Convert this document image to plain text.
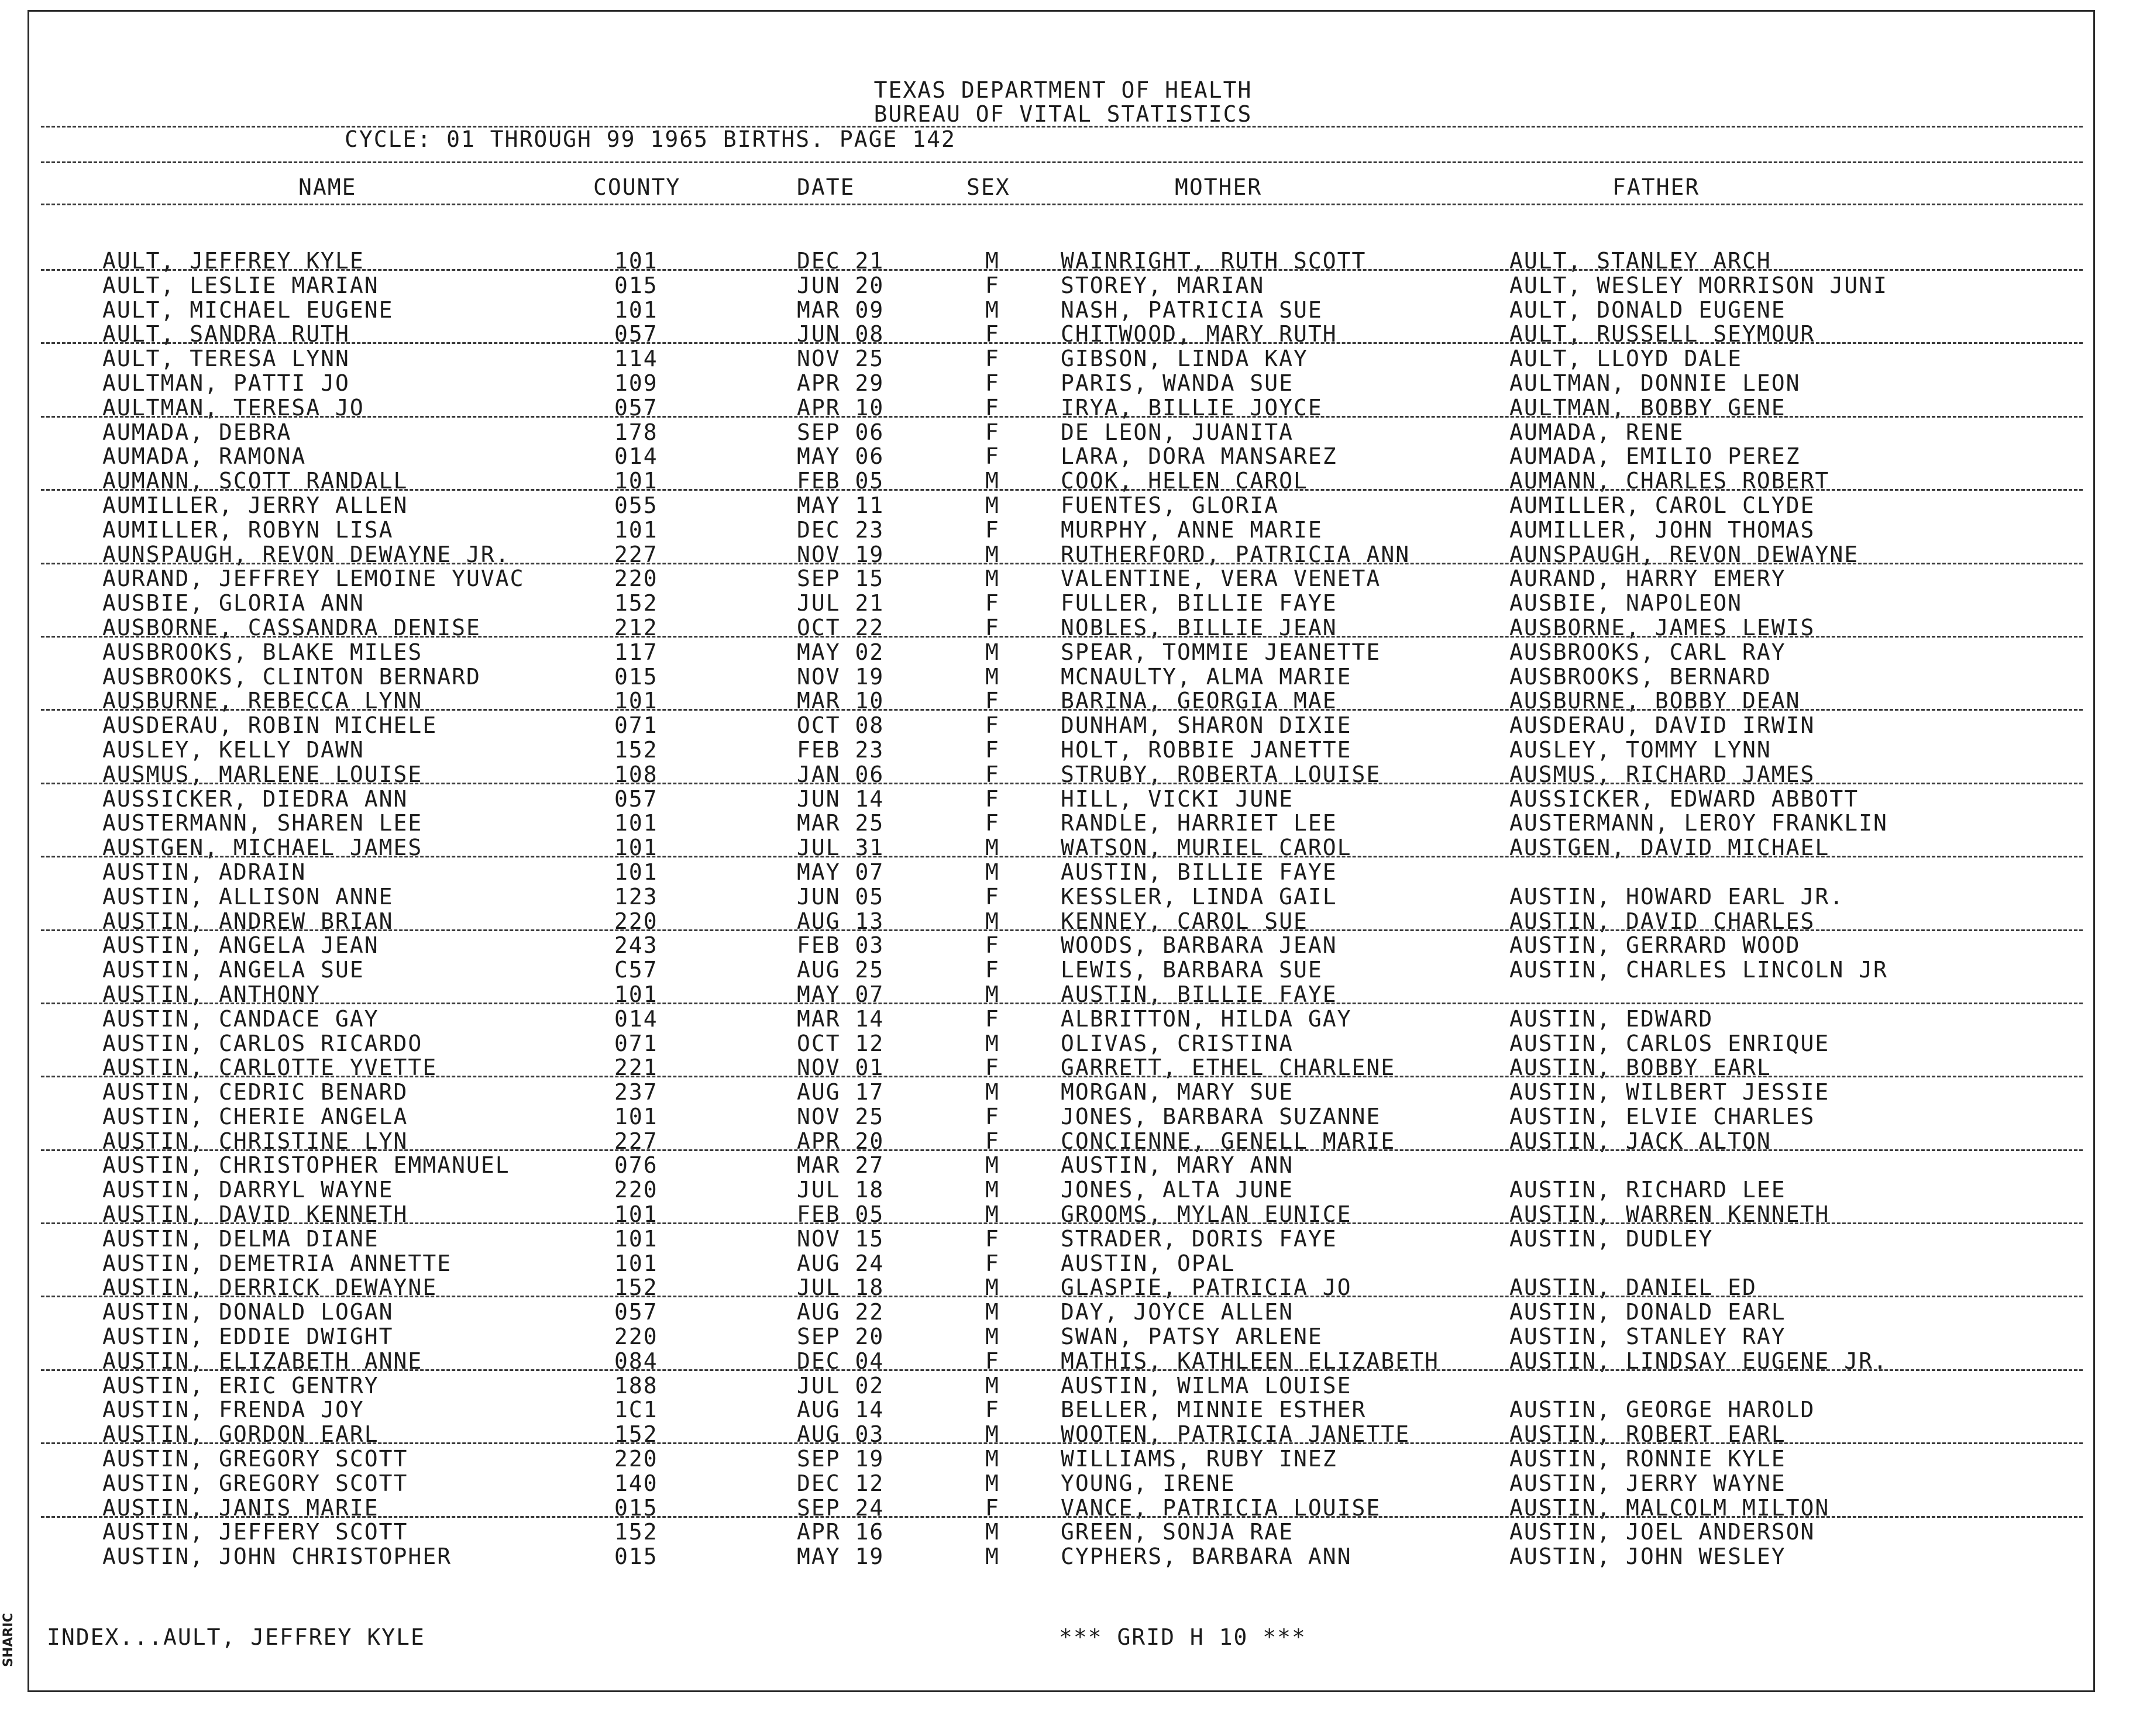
TEXAS DEPARTMENT OF HEALTH
BUREAU OF VITAL STATISTICS
CYCLE: 01 THROUGH 99 1965 BIRTHS. PAGE 142
NAME	COUNTY	DATE	SEX	MOTHER	FATHER
AULT, JEFFREY KYLE	101	DEC 21	M	WAINRIGHT, RUTH SCOTT	AULT, STANLEY ARCH
AULT, LESLIE MARIAN	015	JUN 20	F	STOREY, MARIAN	AULT, WESLEY MORRISON JUNI
AULT, MICHAEL EUGENE	101	MAR 09	M	NASH, PATRICIA SUE	AULT, DONALD EUGENE
AULT, SANDRA RUTH	057	JUN 08	F	CHITWOOD, MARY RUTH	AULT, RUSSELL SEYMOUR
AULT, TERESA LYNN	114	NOV 25	F	GIBSON, LINDA KAY	AULT, LLOYD DALE
AULTMAN, PATTI JO	109	APR 29	F	PARIS, WANDA SUE	AULTMAN, DONNIE LEON
AULTMAN, TERESA JO	057	APR 10	F	IRYA, BILLIE JOYCE	AULTMAN, BOBBY GENE
AUMADA, DEBRA	178	SEP 06	F	DE LEON, JUANITA	AUMADA, RENE
AUMADA, RAMONA	014	MAY 06	F	LARA, DORA MANSAREZ	AUMADA, EMILIO PEREZ
AUMANN, SCOTT RANDALL	101	FEB 05	M	COOK, HELEN CAROL	AUMANN, CHARLES ROBERT
AUMILLER, JERRY ALLEN	055	MAY 11	M	FUENTES, GLORIA	AUMILLER, CAROL CLYDE
AUMILLER, ROBYN LISA	101	DEC 23	F	MURPHY, ANNE MARIE	AUMILLER, JOHN THOMAS
AUNSPAUGH, REVON DEWAYNE JR.	227	NOV 19	M	RUTHERFORD, PATRICIA ANN	AUNSPAUGH, REVON DEWAYNE
AURAND, JEFFREY LEMOINE YUVAC	220	SEP 15	M	VALENTINE, VERA VENETA	AURAND, HARRY EMERY
AUSBIE, GLORIA ANN	152	JUL 21	F	FULLER, BILLIE FAYE	AUSBIE, NAPOLEON
AUSBORNE, CASSANDRA DENISE	212	OCT 22	F	NOBLES, BILLIE JEAN	AUSBORNE, JAMES LEWIS
AUSBROOKS, BLAKE MILES	117	MAY 02	M	SPEAR, TOMMIE JEANETTE	AUSBROOKS, CARL RAY
AUSBROOKS, CLINTON BERNARD	015	NOV 19	M	MCNAULTY, ALMA MARIE	AUSBROOKS, BERNARD
AUSBURNE, REBECCA LYNN	101	MAR 10	F	BARINA, GEORGIA MAE	AUSBURNE, BOBBY DEAN
AUSDERAU, ROBIN MICHELE	071	OCT 08	F	DUNHAM, SHARON DIXIE	AUSDERAU, DAVID IRWIN
AUSLEY, KELLY DAWN	152	FEB 23	F	HOLT, ROBBIE JANETTE	AUSLEY, TOMMY LYNN
AUSMUS, MARLENE LOUISE	108	JAN 06	F	STRUBY, ROBERTA LOUISE	AUSMUS, RICHARD JAMES
AUSSICKER, DIEDRA ANN	057	JUN 14	F	HILL, VICKI JUNE	AUSSICKER, EDWARD ABBOTT
AUSTERMANN, SHAREN LEE	101	MAR 25	F	RANDLE, HARRIET LEE	AUSTERMANN, LEROY FRANKLIN
AUSTGEN, MICHAEL JAMES	101	JUL 31	M	WATSON, MURIEL CAROL	AUSTGEN, DAVID MICHAEL
AUSTIN, ADRAIN	101	MAY 07	M	AUSTIN, BILLIE FAYE
AUSTIN, ALLISON ANNE	123	JUN 05	F	KESSLER, LINDA GAIL	AUSTIN, HOWARD EARL JR.
AUSTIN, ANDREW BRIAN	220	AUG 13	M	KENNEY, CAROL SUE	AUSTIN, DAVID CHARLES
AUSTIN, ANGELA JEAN	243	FEB 03	F	WOODS, BARBARA JEAN	AUSTIN, GERRARD WOOD
AUSTIN, ANGELA SUE	C57	AUG 25	F	LEWIS, BARBARA SUE	AUSTIN, CHARLES LINCOLN JR
AUSTIN, ANTHONY	101	MAY 07	M	AUSTIN, BILLIE FAYE
AUSTIN, CANDACE GAY	014	MAR 14	F	ALBRITTON, HILDA GAY	AUSTIN, EDWARD
AUSTIN, CARLOS RICARDO	071	OCT 12	M	OLIVAS, CRISTINA	AUSTIN, CARLOS ENRIQUE
AUSTIN, CARLOTTE YVETTE	221	NOV 01	F	GARRETT, ETHEL CHARLENE	AUSTIN, BOBBY EARL
AUSTIN, CEDRIC BENARD	237	AUG 17	M	MORGAN, MARY SUE	AUSTIN, WILBERT JESSIE
AUSTIN, CHERIE ANGELA	101	NOV 25	F	JONES, BARBARA SUZANNE	AUSTIN, ELVIE CHARLES
AUSTIN, CHRISTINE LYN	227	APR 20	F	CONCIENNE, GENELL MARIE	AUSTIN, JACK ALTON
AUSTIN, CHRISTOPHER EMMANUEL	076	MAR 27	M	AUSTIN, MARY ANN
AUSTIN, DARRYL WAYNE	220	JUL 18	M	JONES, ALTA JUNE	AUSTIN, RICHARD LEE
AUSTIN, DAVID KENNETH	101	FEB 05	M	GROOMS, MYLAN EUNICE	AUSTIN, WARREN KENNETH
AUSTIN, DELMA DIANE	101	NOV 15	F	STRADER, DORIS FAYE	AUSTIN, DUDLEY
AUSTIN, DEMETRIA ANNETTE	101	AUG 24	F	AUSTIN, OPAL
AUSTIN, DERRICK DEWAYNE	152	JUL 18	M	GLASPIE, PATRICIA JO	AUSTIN, DANIEL ED
AUSTIN, DONALD LOGAN	057	AUG 22	M	DAY, JOYCE ALLEN	AUSTIN, DONALD EARL
AUSTIN, EDDIE DWIGHT	220	SEP 20	M	SWAN, PATSY ARLENE	AUSTIN, STANLEY RAY
AUSTIN, ELIZABETH ANNE	084	DEC 04	F	MATHIS, KATHLEEN ELIZABETH	AUSTIN, LINDSAY EUGENE JR.
AUSTIN, ERIC GENTRY	188	JUL 02	M	AUSTIN, WILMA LOUISE
AUSTIN, FRENDA JOY	1C1	AUG 14	F	BELLER, MINNIE ESTHER	AUSTIN, GEORGE HAROLD
AUSTIN, GORDON EARL	152	AUG 03	M	WOOTEN, PATRICIA JANETTE	AUSTIN, ROBERT EARL
AUSTIN, GREGORY SCOTT	220	SEP 19	M	WILLIAMS, RUBY INEZ	AUSTIN, RONNIE KYLE
AUSTIN, GREGORY SCOTT	140	DEC 12	M	YOUNG, IRENE	AUSTIN, JERRY WAYNE
AUSTIN, JANIS MARIE	015	SEP 24	F	VANCE, PATRICIA LOUISE	AUSTIN, MALCOLM MILTON
AUSTIN, JEFFERY SCOTT	152	APR 16	M	GREEN, SONJA RAE	AUSTIN, JOEL ANDERSON
AUSTIN, JOHN CHRISTOPHER	015	MAY 19	M	CYPHERS, BARBARA ANN	AUSTIN, JOHN WESLEY
INDEX...AULT, JEFFREY KYLE	*** GRID H 10 ***
SHARIC
